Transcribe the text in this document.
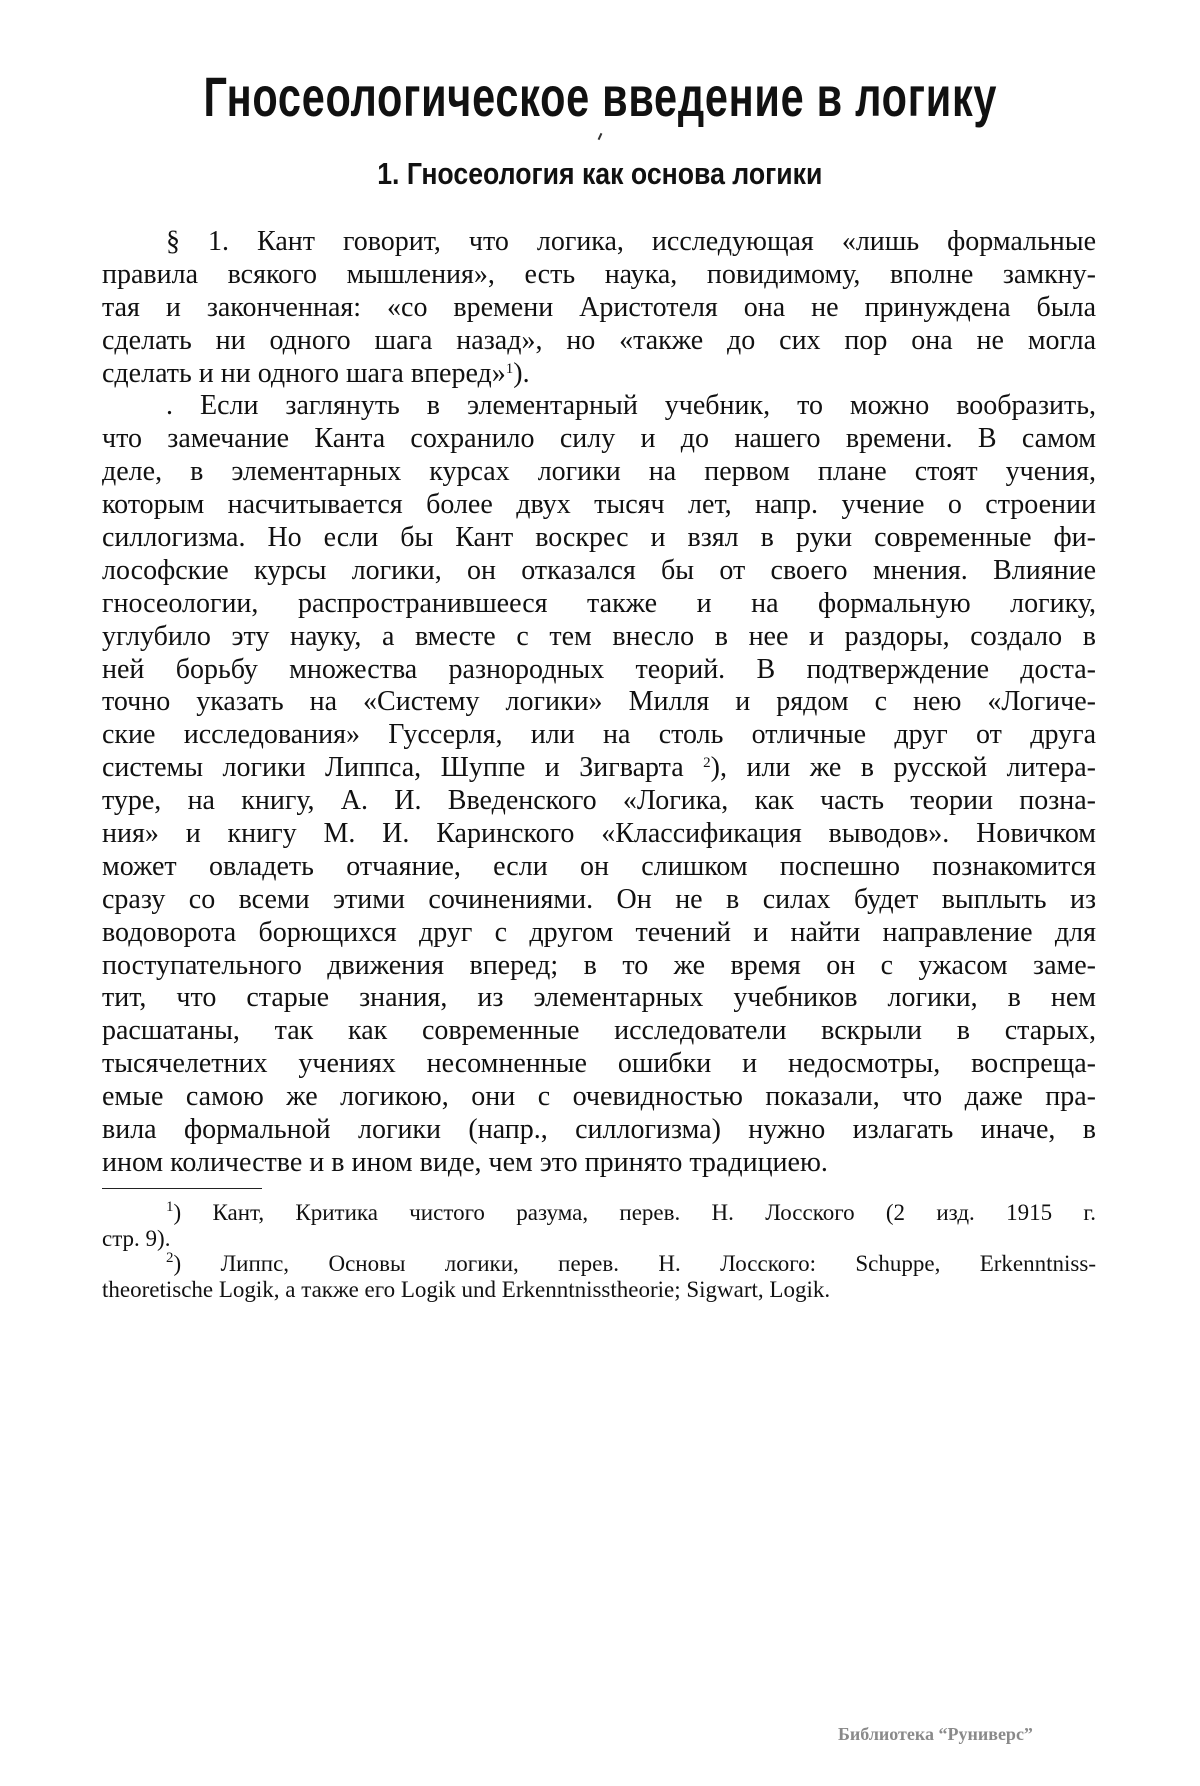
Гносеологическое введение в логику
1. Гносеология как основа логики
§ 1. Кант говорит, что логика, исследующая «лишь формальные
правила всякого мышления», есть наука, повидимому, вполне замкну-
тая и законченная: «со времени Аристотеля она не принуждена была
сделать ни одного шага назад», но «также до сих пор она не могла
сделать и ни одного шага вперед»$^1$).
. Если заглянуть в элементарный учебник, то можно вообразить,
что замечание Канта сохранило силу и до нашего времени. В самом
деле, в элементарных курсах логики на первом плане стоят учения,
которым насчитывается более двух тысяч лет, напр. учение о строении
силлогизма. Но если бы Кант воскрес и взял в руки современные фи-
лософские курсы логики, он отказался бы от своего мнения. Влияние
гносеологии, распространившееся также и на формальную логику,
углубило эту науку, а вместе с тем внесло в нее и раздоры, создало в
ней борьбу множества разнородных теорий. В подтверждение доста-
точно указать на «Систему логики» Милля и рядом с нею «Логиче-
ские исследования» Гуссерля, или на столь отличные друг от друга
системы логики Липпса, Шуппе и Зигварта $^2$), или же в русской литера-
туре, на книгу, А. И. Введенского «Логика, как часть теории позна-
ния» и книгу М. И. Каринского «Классификация выводов». Новичком
может овладеть отчаяние, если он слишком поспешно познакомится
сразу со всеми этими сочинениями. Он не в силах будет выплыть из
водоворота борющихся друг с другом течений и найти направление для
поступательного движения вперед; в то же время он с ужасом заме-
тит, что старые знания, из элементарных учебников логики, в нем
расшатаны, так как современные исследователи вскрыли в старых,
тысячелетних учениях несомненные ошибки и недосмотры, воспреща-
емые самою же логикою, они с очевидностью показали, что даже пра-
вила формальной логики (напр., силлогизма) нужно излагать иначе, в
ином количестве и в ином виде, чем это принято традициею.
$^1$) Кант, Критика чистого разума, перев. Н. Лосского (2 изд. 1915 г.
стр. 9).
$^2$) Липпс, Основы логики, перев. Н. Лосского: Schuppe, Erkenntniss-
theoretische Logik, а также его Logik und Erkenntnisstheorie; Sigwart, Logik.
Библиотека “Руниверс”
